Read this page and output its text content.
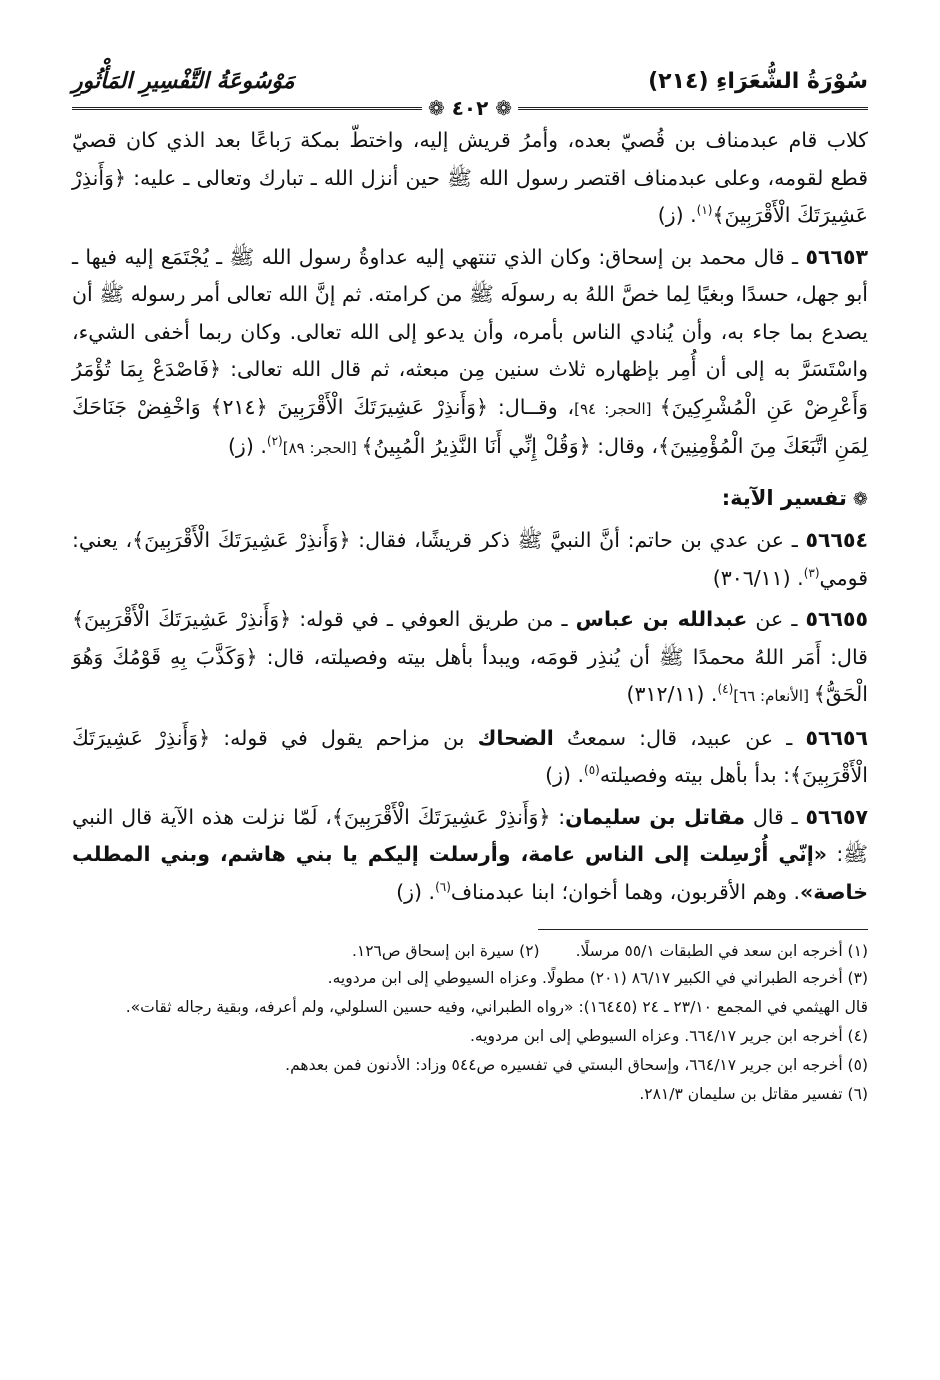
سُوْرَةُ الشُّعَرَاءِ (٢١٤)
مَوْسُوعَةُ التَّفْسِيرِ المَأْثُورِ
❁ ٤٠٢ ❁

كلاب قام عبدمناف بن قُصيّ بعده، وأمرُ قريش إليه، واختطّ بمكة رَباعًا بعد الذي كان قصيّ قطع لقومه، وعلى عبدمناف اقتصر رسول الله ﷺ حين أنزل الله ـ تبارك وتعالى ـ عليه: ﴿وَأَنذِرْ عَشِيرَتَكَ الْأَقْرَبِينَ﴾$^{(١)}$. (ز)

٥٦٦٥٣ ـ قال محمد بن إسحاق: وكان الذي تنتهي إليه عداوةُ رسول الله ﷺ ـ يُجْتَمَع إليه فيها ـ أبو جهل، حسدًا وبغيًا لِما خصَّ اللهُ به رسولَه ﷺ من كرامته. ثم إنَّ الله تعالى أمر رسوله ﷺ أن يصدع بما جاء به، وأن يُنادي الناس بأمره، وأن يدعو إلى الله تعالى. وكان ربما أخفى الشيء، واسْتَسَرَّ به إلى أن أُمِر بإظهاره ثلاث سنين مِن مبعثه، ثم قال الله تعالى: ﴿فَاصْدَعْ بِمَا تُؤْمَرُ وَأَعْرِضْ عَنِ الْمُشْرِكِينَ﴾ [الحجر: ٩٤]، وقــال: ﴿وَأَنذِرْ عَشِيرَتَكَ الْأَقْرَبِينَ ﴿٢١٤﴾ وَاخْفِضْ جَنَاحَكَ لِمَنِ اتَّبَعَكَ مِنَ الْمُؤْمِنِينَ﴾، وقال: ﴿وَقُلْ إِنِّي أَنَا النَّذِيرُ الْمُبِينُ﴾ [الحجر: ٨٩]$^{(٢)}$. (ز)

❁تفسير الآية:

٥٦٦٥٤ ـ عن عدي بن حاتم: أنَّ النبيَّ ﷺ ذكر قريشًا، فقال: ﴿وَأَنذِرْ عَشِيرَتَكَ الْأَقْرَبِينَ﴾، يعني: قومي$^{(٣)}$. (٣٠٦/١١)

٥٦٦٥٥ ـ عن عبدالله بن عباس ـ من طريق العوفي ـ في قوله: ﴿وَأَنذِرْ عَشِيرَتَكَ الْأَقْرَبِينَ﴾ قال: أَمَر اللهُ محمدًا ﷺ أن يُنذِر قومَه، ويبدأ بأهل بيته وفصيلته، قال: ﴿وَكَذَّبَ بِهِ قَوْمُكَ وَهُوَ الْحَقُّ﴾ [الأنعام: ٦٦]$^{(٤)}$. (٣١٢/١١)

٥٦٦٥٦ ـ عن عبيد، قال: سمعتُ الضحاك بن مزاحم يقول في قوله: ﴿وَأَنذِرْ عَشِيرَتَكَ الْأَقْرَبِينَ﴾: بدأ بأهل بيته وفصيلته$^{(٥)}$. (ز)

٥٦٦٥٧ ـ قال مقاتل بن سليمان: ﴿وَأَنذِرْ عَشِيرَتَكَ الْأَقْرَبِينَ﴾، لَمّا نزلت هذه الآية قال النبي ﷺ: «إنّي أُرْسِلت إلى الناس عامة، وأرسلت إليكم يا بني هاشم، وبني المطلب خاصة». وهم الأقربون، وهما أخوان؛ ابنا عبدمناف$^{(٦)}$. (ز)

(١) أخرجه ابن سعد في الطبقات ٥٥/١ مرسلًا.
(٢) سيرة ابن إسحاق ص١٢٦.

(٣) أخرجه الطبراني في الكبير ٨٦/١٧ (٢٠١) مطولًا. وعزاه السيوطي إلى ابن مردويه.

قال الهيثمي في المجمع ٢٣/١٠ ـ ٢٤ (١٦٤٤٥): «رواه الطبراني، وفيه حسين السلولي، ولم أعرفه، وبقية رجاله ثقات».

(٤) أخرجه ابن جرير ٦٦٤/١٧. وعزاه السيوطي إلى ابن مردويه.

(٥) أخرجه ابن جرير ٦٦٤/١٧، وإسحاق البستي في تفسيره ص٥٤٤ وزاد: الأدنون فمن بعدهم.

(٦) تفسير مقاتل بن سليمان ٢٨١/٣.
